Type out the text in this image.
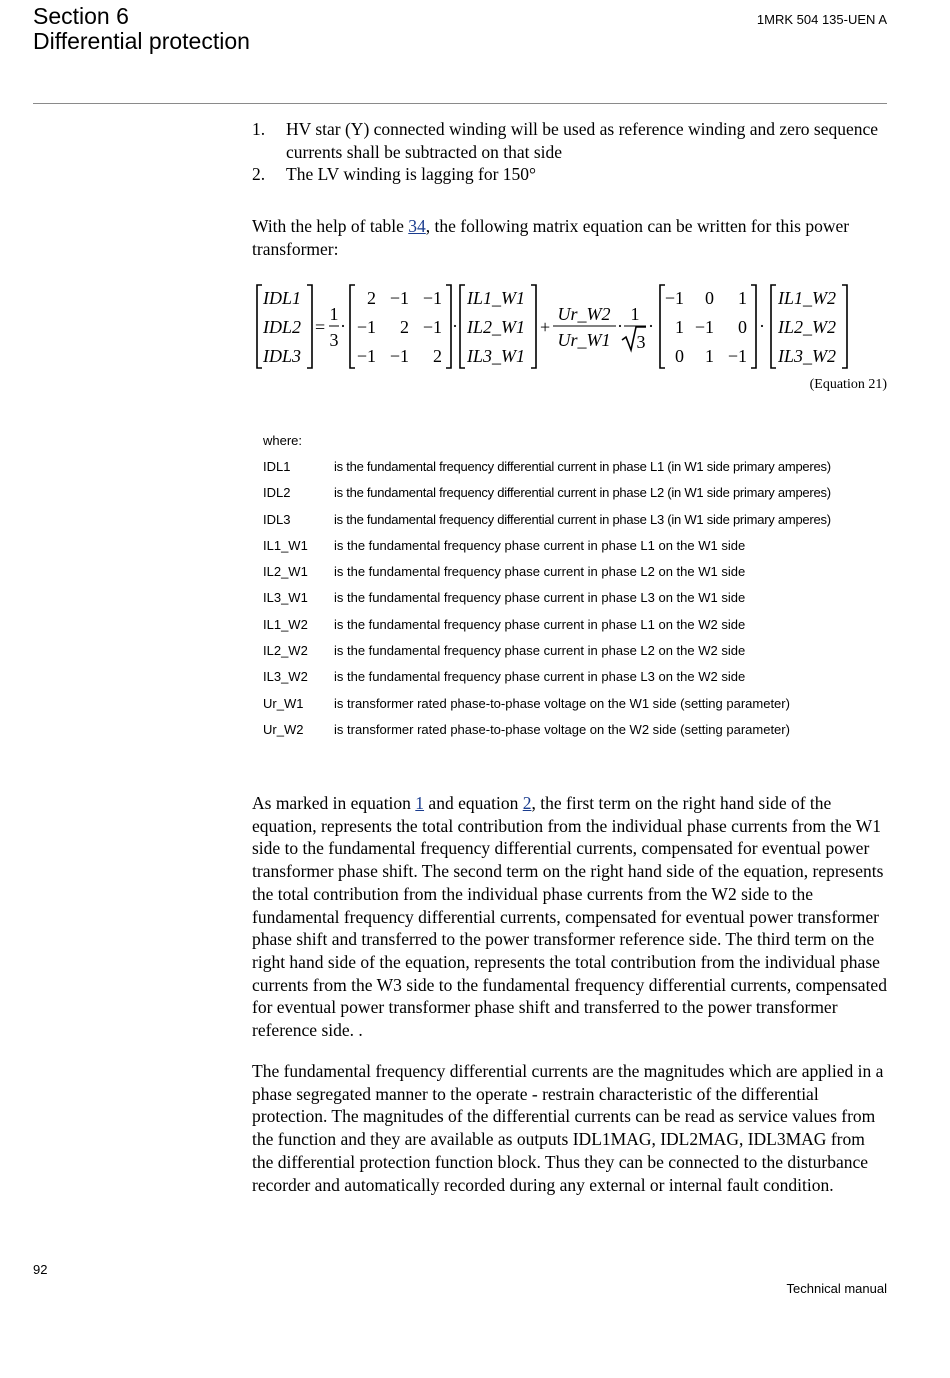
Section 6
Differential protection
1MRK 504 135-UEN A
1.	HV star (Y) connected winding will be used as reference winding and zero sequence currents shall be subtracted on that side
2.	The LV winding is lagging for 150°

With the help of table 34, the following matrix equation can be written for this power transformer:

IDL1
IDL2
IDL3
=
1
3
·
2 −1 −1
−1 2 −1
−1 −1 2
·
IL1_W1
IL2_W1
IL3_W1
+
Ur_W2
Ur_W1
·
1
3
·
−1 0 1
1 −1 0
0 1 −1
·
IL1_W2
IL2_W2
IL3_W2
(Equation 21)
where:
IDL1	is the fundamental frequency differential current in phase L1 (in W1 side primary amperes)
IDL2	is the fundamental frequency differential current in phase L2 (in W1 side primary amperes)
IDL3	is the fundamental frequency differential current in phase L3 (in W1 side primary amperes)
IL1_W1	is the fundamental frequency phase current in phase L1 on the W1 side
IL2_W1	is the fundamental frequency phase current in phase L2 on the W1 side
IL3_W1	is the fundamental frequency phase current in phase L3 on the W1 side
IL1_W2	is the fundamental frequency phase current in phase L1 on the W2 side
IL2_W2	is the fundamental frequency phase current in phase L2 on the W2 side
IL3_W2	is the fundamental frequency phase current in phase L3 on the W2 side
Ur_W1	is transformer rated phase-to-phase voltage on the W1 side (setting parameter)
Ur_W2	is transformer rated phase-to-phase voltage on the W2 side (setting parameter)

As marked in equation 1 and equation 2, the first term on the right hand side of the equation, represents the total contribution from the individual phase currents from the W1 side to the fundamental frequency differential currents, compensated for eventual power transformer phase shift. The second term on the right hand side of the equation, represents the total contribution from the individual phase currents from the W2 side to the fundamental frequency differential currents, compensated for eventual power transformer phase shift and transferred to the power transformer reference side. The third term on the right hand side of the equation, represents the total contribution from the individual phase currents from the W3 side to the fundamental frequency differential currents, compensated for eventual power transformer phase shift and transferred to the power transformer reference side. .

The fundamental frequency differential currents are the magnitudes which are applied in a phase segregated manner to the operate - restrain characteristic of the differential protection. The magnitudes of the differential currents can be read as service values from the function and they are available as outputs IDL1MAG, IDL2MAG, IDL3MAG from the differential protection function block. Thus they can be connected to the disturbance recorder and automatically recorded during any external or internal fault condition.

92
Technical manual
